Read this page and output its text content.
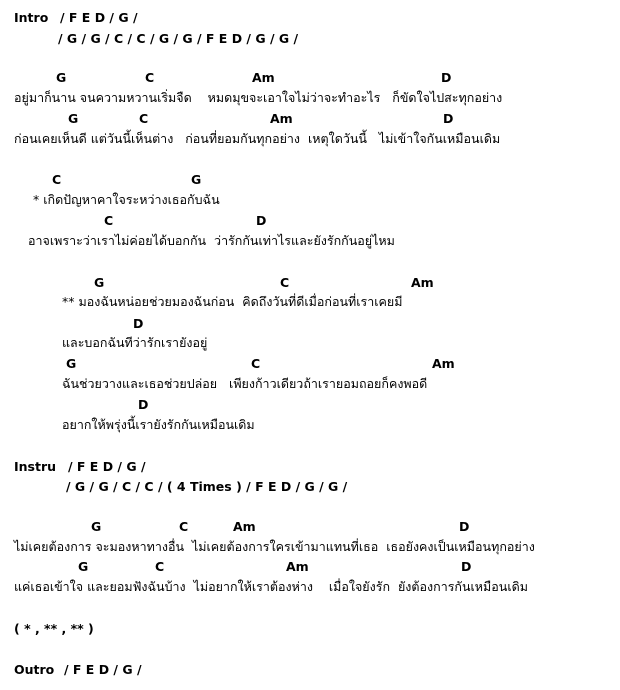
Intro / F E D / G /
/ G / G / C / C / G / G / F E D / G / G /
G	C	Am	D
อยู่มาก็นาน จนความหวานเริ่มจืด    หมดมุขจะเอาใจไม่ว่าจะทำอะไร   ก็ขัดใจไปสะทุกอย่าง
G	C	Am	D
ก่อนเคยเห็นดี แต่วันนี้เห็นต่าง   ก่อนที่ยอมกันทุกอย่าง  เหตุใดวันนี้   ไม่เข้าใจกันเหมือนเดิม
C	G
* เกิดปัญหาคาใจระหว่างเธอกับฉัน
C	D
อาจเพราะว่าเราไม่ค่อยได้บอกกัน  ว่ารักกันเท่าไรและยังรักกันอยู่ไหม
G	C	Am
** มองฉันหน่อยช่วยมองฉันก่อน  คิดถึงวันที่ดีเมื่อก่อนที่เราเคยมี
D
และบอกฉันทีว่ารักเรายังอยู่
G	C	Am
ฉันช่วยวางและเธอช่วยปล่อย   เพียงก้าวเดียวถ้าเรายอมถอยก็คงพอดี
D
อยากให้พรุ่งนี้เรายังรักกันเหมือนเดิม
Instru / F E D / G /
/ G / G / C / C / ( 4 Times ) / F E D / G / G /
G	C	Am	D
ไม่เคยต้องการ จะมองหาทางอื่น  ไม่เคยต้องการใครเข้ามาแทนที่เธอ  เธอยังคงเป็นเหมือนทุกอย่าง
G	C	Am	D
แค่เธอเข้าใจ และยอมฟังฉันบ้าง  ไม่อยากให้เราต้องห่าง    เมื่อใจยังรัก  ยังต้องการกันเหมือนเดิม
( * , ** , ** )
Outro / F E D / G /
